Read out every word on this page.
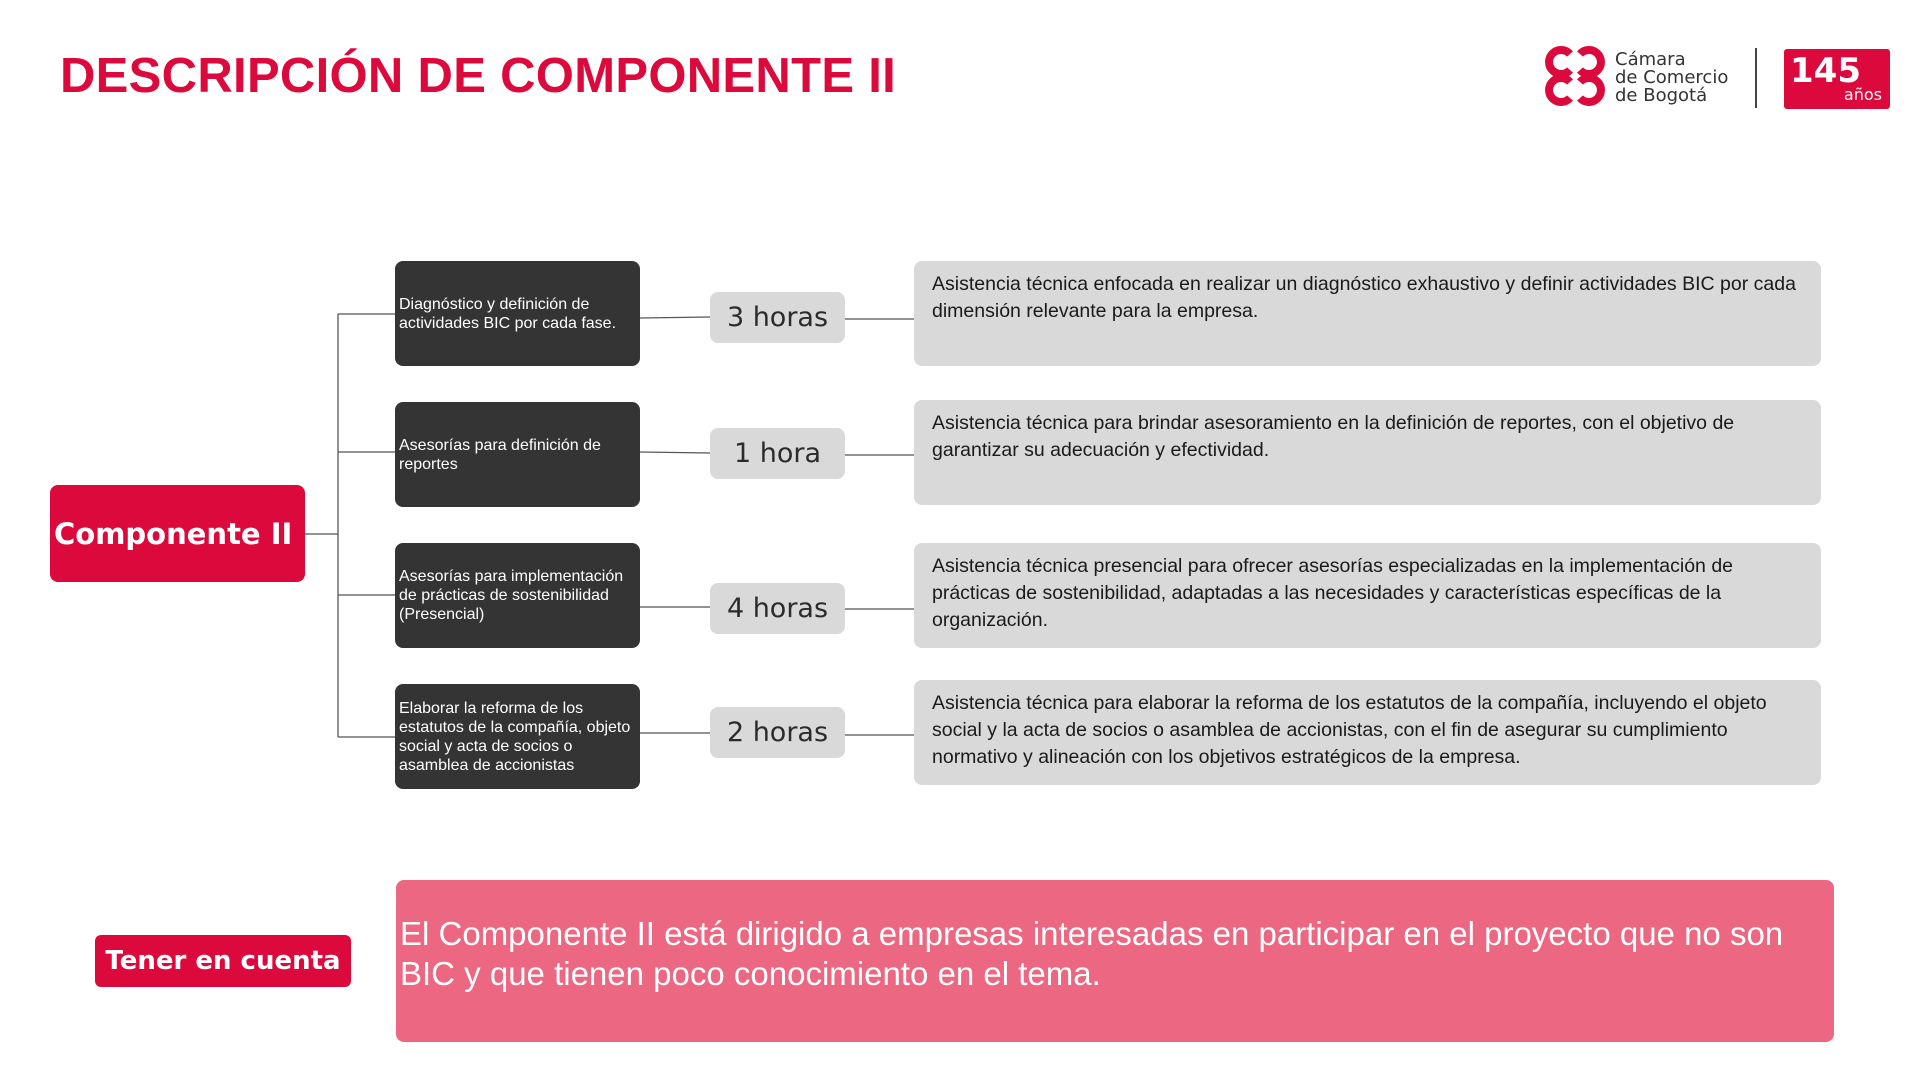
DESCRIPCIÓN DE COMPONENTE II	Cámara
de Comercio
de Bogotá
145
años
Componente II
Diagnóstico y definición de actividades BIC por cada fase.
Asesorías para definición de reportes
Asesorías para implementación de prácticas de sostenibilidad (Presencial)
Elaborar la reforma de los estatutos de la compañía, objeto social y acta de socios o asamblea de accionistas
3 horas
1 hora
4 horas
2 horas
Asistencia técnica enfocada en realizar un diagnóstico exhaustivo y definir actividades BIC por cada dimensión relevante para la empresa.
Asistencia técnica para brindar asesoramiento en la definición de reportes, con el objetivo de garantizar su adecuación y efectividad.
Asistencia técnica presencial para ofrecer asesorías especializadas en la implementación de prácticas de sostenibilidad, adaptadas a las necesidades y características específicas de la organización.
Asistencia técnica para elaborar la reforma de los estatutos de la compañía, incluyendo el objeto social y la acta de socios o asamblea de accionistas, con el fin de asegurar su cumplimiento normativo y alineación con los objetivos estratégicos de la empresa.
Tener en cuenta
El Componente II está dirigido a empresas interesadas en participar en el proyecto que no son BIC y que tienen poco conocimiento en el tema.
